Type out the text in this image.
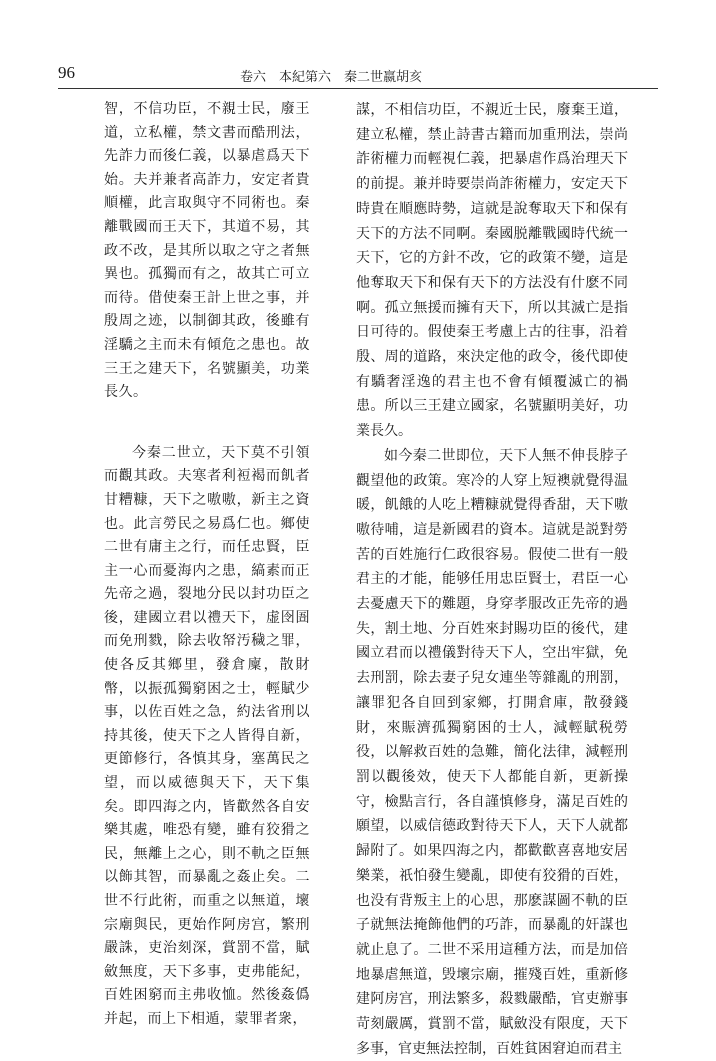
96	卷六　本紀第六　秦二世嬴胡亥

智，不信功臣，不親士民，廢王道，立私權，禁文書而酷刑法，先詐力而後仁義，以暴虐爲天下始。夫并兼者高詐力，安定者貴順權，此言取與守不同術也。秦離戰國而王天下，其道不易，其政不改，是其所以取之守之者無異也。孤獨而有之，故其亡可立而待。借使秦王計上世之事，并殷周之迹，以制御其政，後雖有淫驕之主而未有傾危之患也。故三王之建天下，名號顯美，功業長久。

今秦二世立，天下莫不引領而觀其政。夫寒者利裋褐而飢者甘糟糠，天下之嗷嗷，新主之資也。此言勞民之易爲仁也。鄉使二世有庸主之行，而任忠賢，臣主一心而憂海内之患，縞素而正先帝之過，裂地分民以封功臣之後，建國立君以禮天下，虚囹圄而免刑戮，除去收帑汚穢之罪，使各反其鄉里，發倉廩，散財幣，以振孤獨窮困之士，輕賦少事，以佐百姓之急，約法省刑以持其後，使天下之人皆得自新，更節修行，各慎其身，塞萬民之望，而以威德與天下，天下集矣。即四海之内，皆歡然各自安樂其處，唯恐有變，雖有狡猾之民，無離上之心，則不軌之臣無以飾其智，而暴亂之姦止矣。二世不行此術，而重之以無道，壞宗廟與民，更始作阿房宫，繁刑嚴誅，吏治刻深，賞罰不當，賦斂無度，天下多事，吏弗能紀，百姓困窮而主弗收恤。然後姦僞并起，而上下相遁，蒙罪者衆，

謀，不相信功臣，不親近士民，廢棄王道，建立私權，禁止詩書古籍而加重刑法，崇尚詐術權力而輕視仁義，把暴虐作爲治理天下的前提。兼并時要崇尚詐術權力，安定天下時貴在順應時勢，這就是說奪取天下和保有天下的方法不同啊。秦國脱離戰國時代統一天下，它的方針不改，它的政策不變，這是他奪取天下和保有天下的方法没有什麽不同啊。孤立無援而擁有天下，所以其滅亡是指日可待的。假使秦王考慮上古的往事，沿着殷、周的道路，來決定他的政令，後代即使有驕奢淫逸的君主也不會有傾覆滅亡的禍患。所以三王建立國家，名號顯明美好，功業長久。

如今秦二世即位，天下人無不伸長脖子觀望他的政策。寒冷的人穿上短襖就覺得温暖，飢餓的人吃上糟糠就覺得香甜，天下嗷嗷待哺，這是新國君的資本。這就是説對勞苦的百姓施行仁政很容易。假使二世有一般君主的才能，能够任用忠臣賢士，君臣一心去憂慮天下的難題，身穿孝服改正先帝的過失，割土地、分百姓來封賜功臣的後代，建國立君而以禮儀對待天下人，空出牢獄，免去刑罰，除去妻子兒女連坐等雜亂的刑罰，讓罪犯各自回到家鄉，打開倉庫，散發錢財，來賑濟孤獨窮困的士人，減輕賦税勞役，以解救百姓的急難，簡化法律，減輕刑罰以觀後效，使天下人都能自新，更新操守，檢點言行，各自謹慎修身，滿足百姓的願望，以威信德政對待天下人，天下人就都歸附了。如果四海之内，都歡歡喜喜地安居樂業，祇怕發生變亂，即使有狡猾的百姓，也没有背叛主上的心思，那麽謀圖不軌的臣子就無法掩飾他們的巧詐，而暴亂的奸謀也就止息了。二世不采用這種方法，而是加倍地暴虐無道，毁壞宗廟，摧殘百姓，重新修建阿房宫，刑法繁多，殺戮嚴酷，官吏辦事苛刻嚴厲，賞罰不當，賦斂没有限度，天下多事，官吏無法控制，百姓貧困窘迫而君主
